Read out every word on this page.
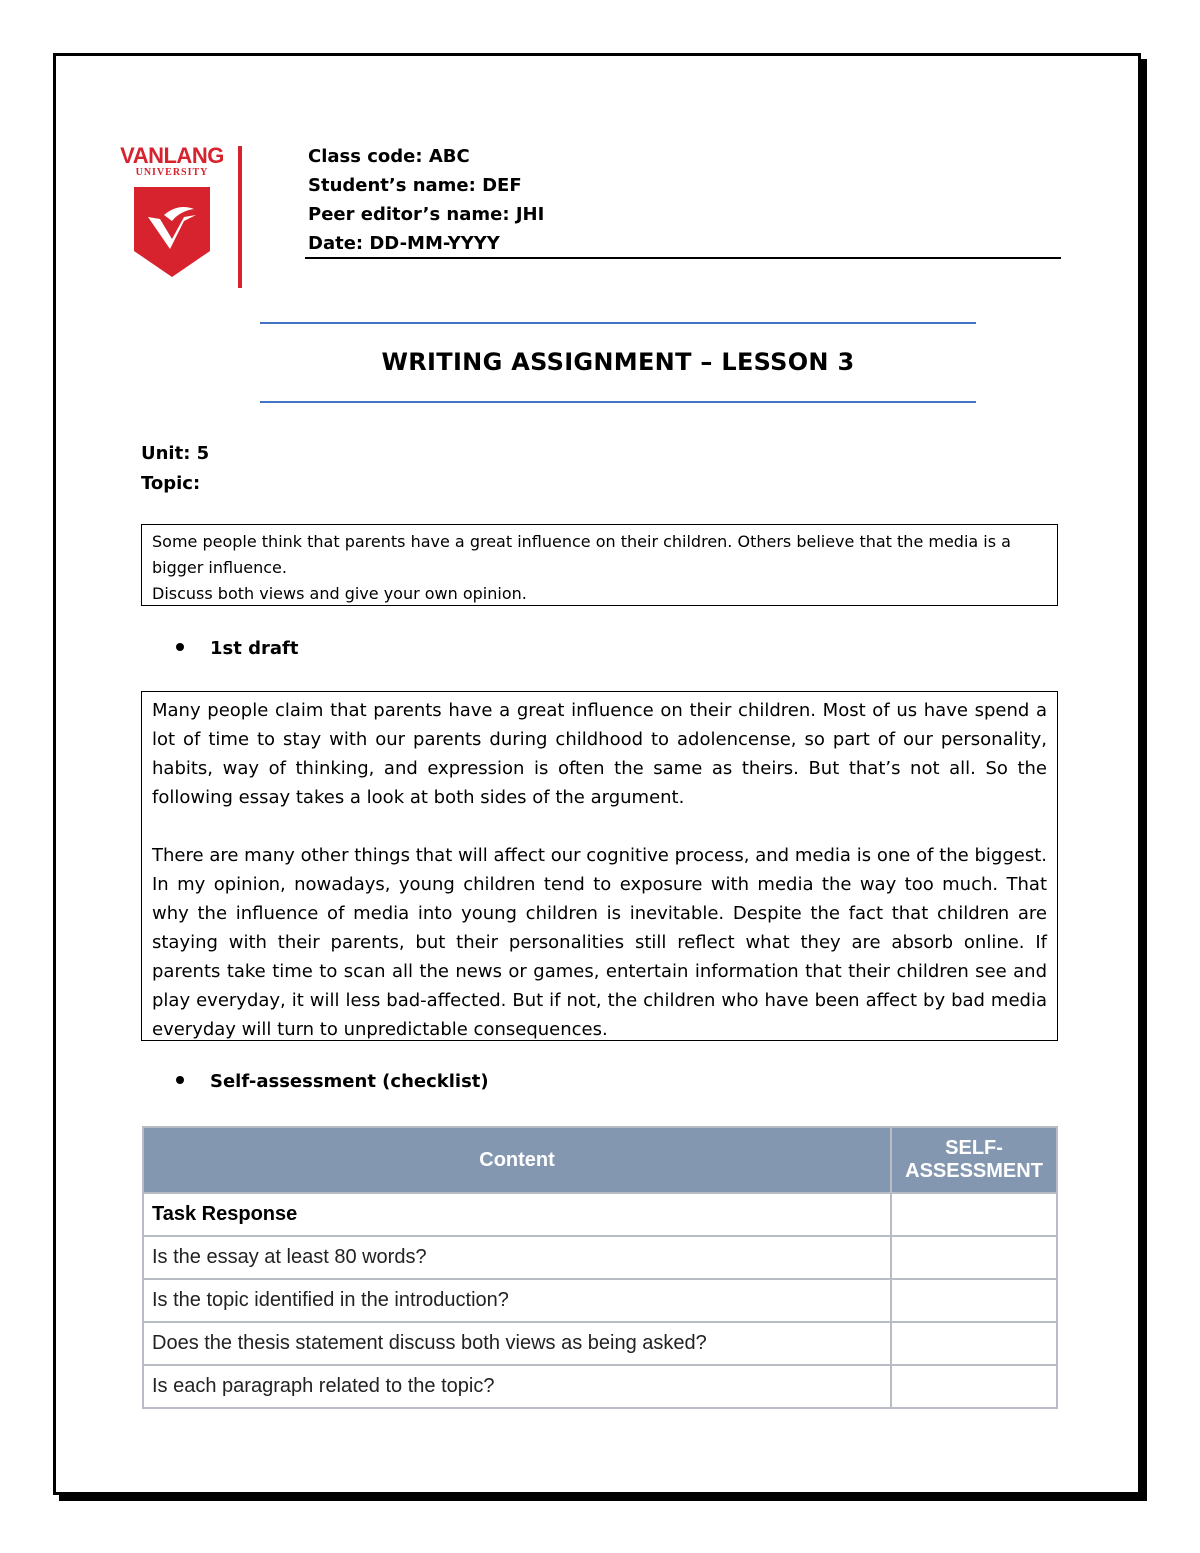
VANLANG
UNIVERSITY
Class code: ABC
Student’s name: DEF
Peer editor’s name: JHI
Date: DD-MM-YYYY
WRITING ASSIGNMENT – LESSON 3
Unit: 5
Topic:
Some people think that parents have a great influence on their children. Others believe that the media is a bigger influence.
Discuss both views and give your own opinion.
1st draft

Many people claim that parents have a great influence on their children. Most of us have spend a lot of time to stay with our parents during childhood to adolencense, so part of our personality, habits, way of thinking, and expression is often the same as theirs. But that’s not all. So the following essay takes a look at both sides of the argument.

There are many other things that will affect our cognitive process, and media is one of the biggest. In my opinion, nowadays, young children tend to exposure with media the way too much. That why the influence of media into young children is inevitable. Despite the fact that children are staying with their parents, but their personalities still reflect what they are absorb online. If parents take time to scan all the news or games, entertain information that their children see and play everyday, it will less bad-affected. But if not, the children who have been affect by bad media everyday will turn to unpredictable consequences.

Self-assessment (checklist)
Content	SELF-ASSESSMENT
Task Response	
Is the essay at least 80 words?	
Is the topic identified in the introduction?	
Does the thesis statement discuss both views as being asked?	
Is each paragraph related to the topic?	
